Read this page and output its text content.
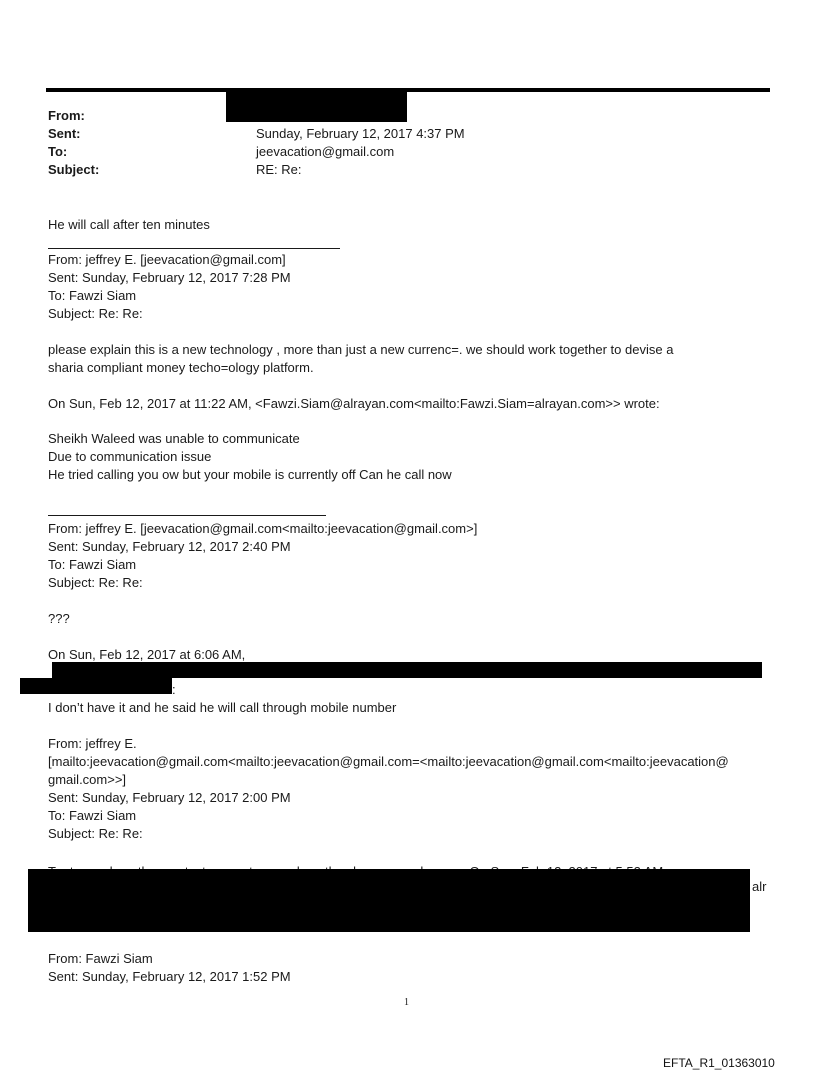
From:
Sent:	Sunday, February 12, 2017 4:37 PM
To:	jeevacation@gmail.com
Subject:	RE: Re:
He will call after ten minutes
From: jeffrey E. [jeevacation@gmail.com]
Sent: Sunday, February 12, 2017 7:28 PM
To: Fawzi Siam
Subject: Re: Re:
please explain this is a new technology , more than just a new currenc=. we should work together to devise a
sharia compliant money techo=ology platform.
On Sun, Feb 12, 2017 at 11:22 AM, <Fawzi.Siam@alrayan.com<mailto:Fawzi.Siam=alrayan.com>> wrote:
Sheikh Waleed was unable to communicate
Due to communication issue
He tried calling you ow but your mobile is currently off Can he call now
From: jeffrey E. [jeevacation@gmail.com<mailto:jeevacation@gmail.com>]
Sent: Sunday, February 12, 2017 2:40 PM
To: Fawzi Siam
Subject: Re: Re:
???
On Sun, Feb 12, 2017 at 6:06 AM,
:
I don’t have it and he said he will call through mobile number
From: jeffrey E.
[mailto:jeevacation@gmail.com<mailto:jeevacation@gmail.com=<mailto:jeevacation@gmail.com<mailto:jeevacation@
gmail.com>>]
Sent: Sunday, February 12, 2017 2:00 PM
To: Fawzi Siam
Subject: Re: Re:
alr
From: Fawzi Siam
Sent: Sunday, February 12, 2017 1:52 PM
1
EFTA_R1_01363010
